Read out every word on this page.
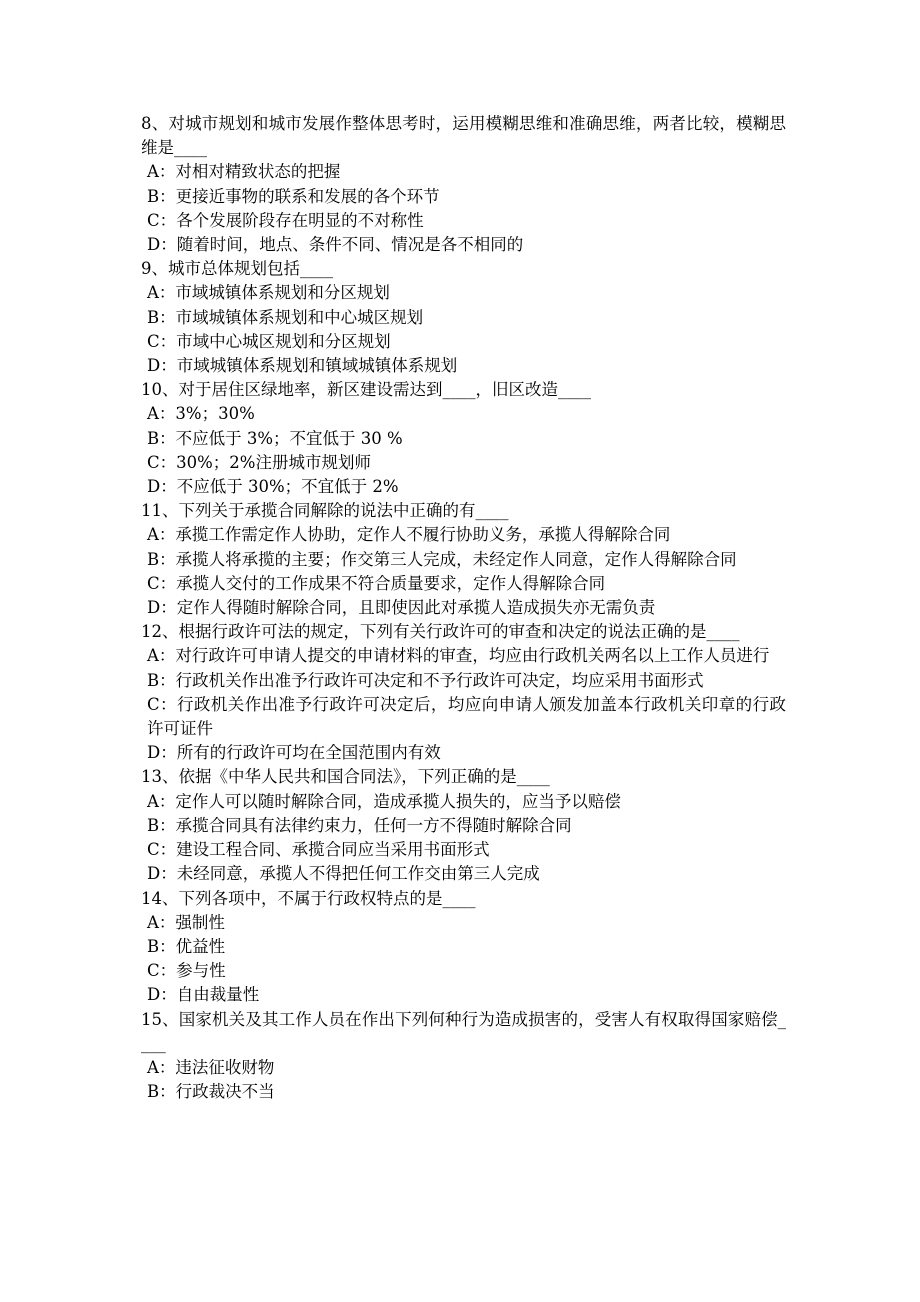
8、对城市规划和城市发展作整体思考时，运用模糊思维和准确思维，两者比较，模糊思维是____

A：对相对精致状态的把握

B：更接近事物的联系和发展的各个环节

C：各个发展阶段存在明显的不对称性

D：随着时间，地点、条件不同、情况是各不相同的

9、城市总体规划包括____

A：市域城镇体系规划和分区规划

B：市域城镇体系规划和中心城区规划

C：市域中心城区规划和分区规划

D：市域城镇体系规划和镇域城镇体系规划

10、对于居住区绿地率，新区建设需达到____，旧区改造____

A：3%；30%

B：不应低于 3%；不宜低于 30 %

C：30%；2%注册城市规划师

D：不应低于 30%；不宜低于 2%

11、下列关于承揽合同解除的说法中正确的有____

A：承揽工作需定作人协助，定作人不履行协助义务，承揽人得解除合同

B：承揽人将承揽的主要；作交第三人完成，未经定作人同意，定作人得解除合同

C：承揽人交付的工作成果不符合质量要求，定作人得解除合同

D：定作人得随时解除合同，且即使因此对承揽人造成损失亦无需负责

12、根据行政许可法的规定，下列有关行政许可的审查和决定的说法正确的是____

A：对行政许可申请人提交的申请材料的审查，均应由行政机关两名以上工作人员进行

B：行政机关作出准予行政许可决定和不予行政许可决定，均应采用书面形式

C：行政机关作出准予行政许可决定后，均应向申请人颁发加盖本行政机关印章的行政许可证件

D：所有的行政许可均在全国范围内有效

13、依据《中华人民共和国合同法》，下列正确的是____

A：定作人可以随时解除合同，造成承揽人损失的，应当予以赔偿

B：承揽合同具有法律约束力，任何一方不得随时解除合同

C：建设工程合同、承揽合同应当采用书面形式

D：未经同意，承揽人不得把任何工作交由第三人完成

14、下列各项中，不属于行政权特点的是____

A：强制性

B：优益性

C：参与性

D：自由裁量性

15、国家机关及其工作人员在作出下列何种行为造成损害的，受害人有权取得国家赔偿____

A：违法征收财物

B：行政裁决不当
